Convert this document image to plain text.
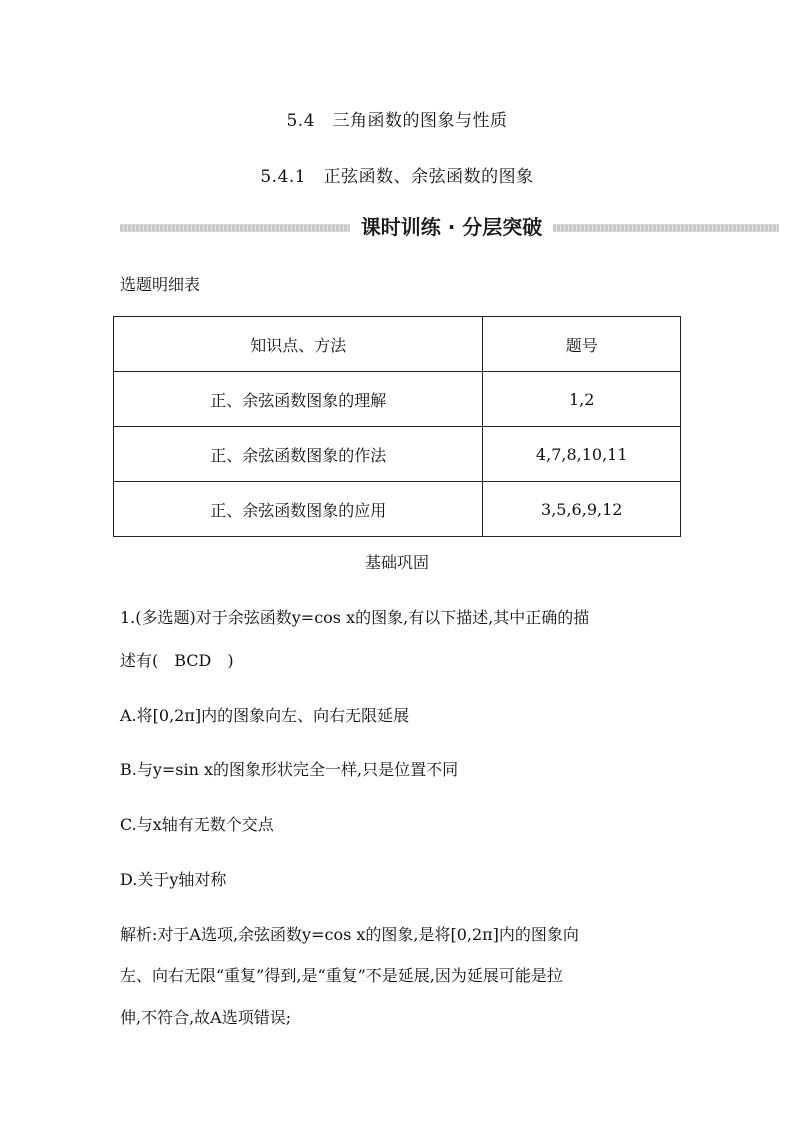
5.4　三角函数的图象与性质
5.4.1　正弦函数、余弦函数的图象
课时训练 · 分层突破
选题明细表
知识点、方法	题号
正、余弦函数图象的理解	1,2
正、余弦函数图象的作法	4,7,8,10,11
正、余弦函数图象的应用	3,5,6,9,12
基础巩固
1.(多选题)对于余弦函数y=cos x的图象,有以下描述,其中正确的描
述有(　BCD　)
A.将[0,2π]内的图象向左、向右无限延展
B.与y=sin x的图象形状完全一样,只是位置不同
C.与x轴有无数个交点
D.关于y轴对称
解析:对于A选项,余弦函数y=cos x的图象,是将[0,2π]内的图象向
左、向右无限“重复”得到,是“重复”不是延展,因为延展可能是拉
伸,不符合,故A选项错误;
